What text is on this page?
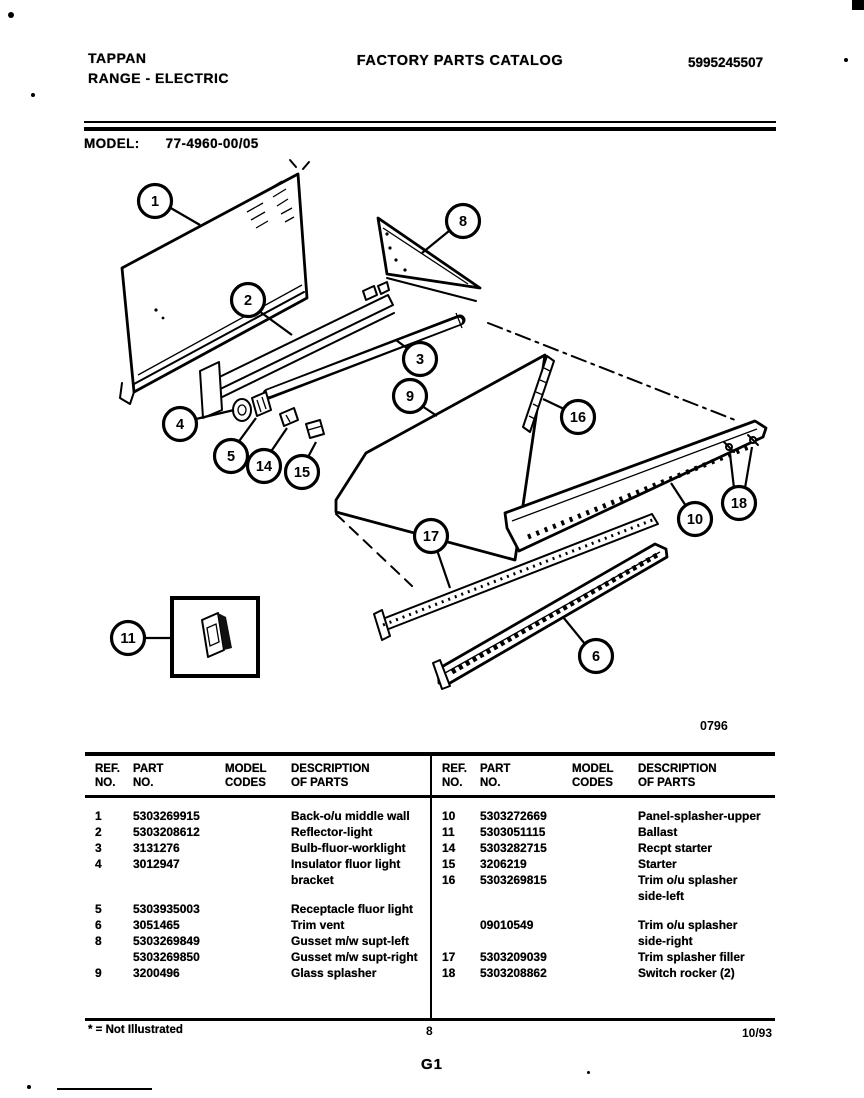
TAPPAN
RANGE - ELECTRIC
FACTORY PARTS CATALOG	5995245507
MODEL: 77-4960-00/05
1
2
3
4
5
14 15
8
9
16
10
18
17
6
11
0796
REF.
NO.
PART
NO.
MODEL
CODES
DESCRIPTION
OF PARTS
1	5303269915	Back-o/u middle wall
2	5303208612	Reflector-light
3	3131276	Bulb-fluor-worklight
4	3012947	Insulator fluor light
bracket
5	5303935003	Receptacle fluor light
6	3051465	Trim vent
8	5303269849	Gusset m/w supt-left
5303269850	Gusset m/w supt-right
9	3200496	Glass splasher
REF.
NO.
PART
NO.
MODEL
CODES
DESCRIPTION
OF PARTS
10	5303272669	Panel-splasher-upper
11	5303051115	Ballast
14	5303282715	Recpt starter
15	3206219	Starter
16	5303269815	Trim o/u splasher
side-left
09010549	Trim o/u splasher
side-right
17	5303209039	Trim splasher filler
18	5303208862	Switch rocker (2)
* = Not Illustrated	8	10/93
G1
